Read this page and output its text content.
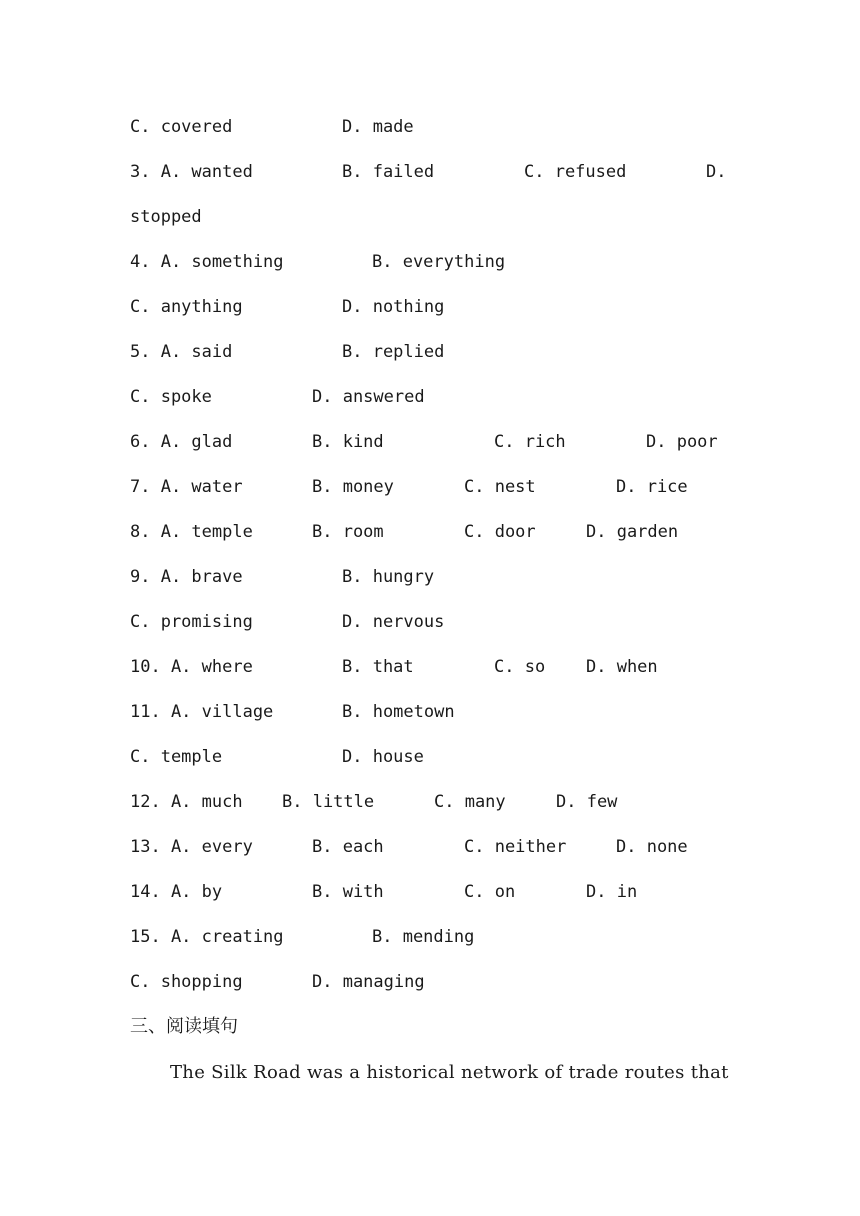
C. covered

	D. made

3. A. wanted

	B. failed

	C. refused

	D.

stopped

4. A. something

	B. everything

C. anything

	D. nothing

5. A. said

	B. replied

C. spoke

	D. answered

6. A. glad

	B. kind

	C. rich

	D. poor

7. A. water

	B. money

	C. nest

	D. rice

8. A. temple

	B. room

	C. door

	D. garden

9. A. brave

	B. hungry

C. promising

	D. nervous

10. A. where

	B. that

	C. so

D. when

11. A. village

	B. hometown

C. temple

	D. house

12. A. much

B. little

	C. many

	D. few

13. A. every

	B. each

	C. neither

	D. none

14. A. by

	B. with

	C. on

	D. in

15. A. creating

	B. mending

C. shopping

	D. managing

三、阅读填句
The Silk Road was a historical network of trade routes that
